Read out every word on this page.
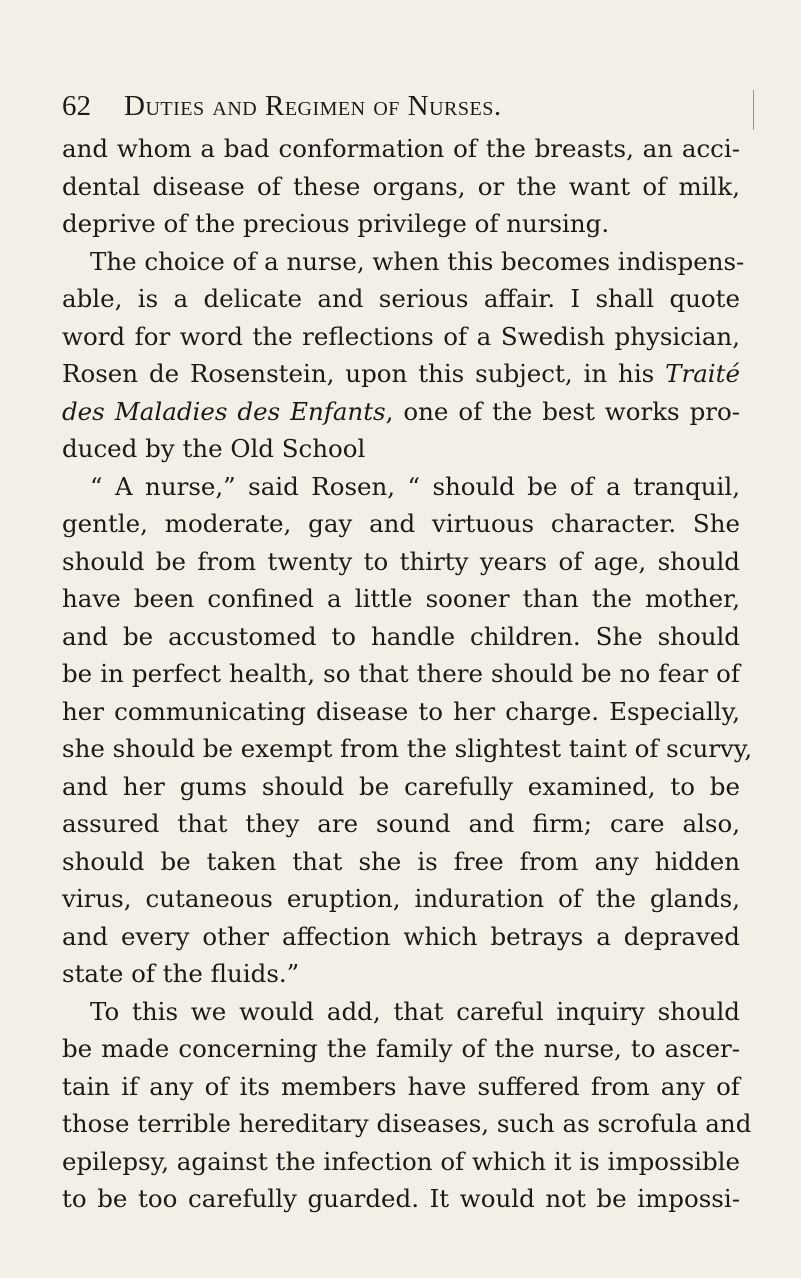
62 Duties and Regimen of Nurses.
and whom a bad conformation of the breasts, an acci-
dental disease of these organs, or the want of milk,
deprive of the precious privilege of nursing.
The choice of a nurse, when this becomes indispens-
able, is a delicate and serious affair. I shall quote
word for word the reflections of a Swedish physician,
Rosen de Rosenstein, upon this subject, in his Traité
des Maladies des Enfants, one of the best works pro-
duced by the Old School
“ A nurse,” said Rosen, “ should be of a tranquil,
gentle, moderate, gay and virtuous character. She
should be from twenty to thirty years of age, should
have been confined a little sooner than the mother,
and be accustomed to handle children. She should
be in perfect health, so that there should be no fear of
her communicating disease to her charge. Especially,
she should be exempt from the slightest taint of scurvy,
and her gums should be carefully examined, to be
assured that they are sound and firm; care also,
should be taken that she is free from any hidden
virus, cutaneous eruption, induration of the glands,
and every other affection which betrays a depraved
state of the fluids.”
To this we would add, that careful inquiry should
be made concerning the family of the nurse, to ascer-
tain if any of its members have suffered from any of
those terrible hereditary diseases, such as scrofula and
epilepsy, against the infection of which it is impossible
to be too carefully guarded. It would not be impossi-
